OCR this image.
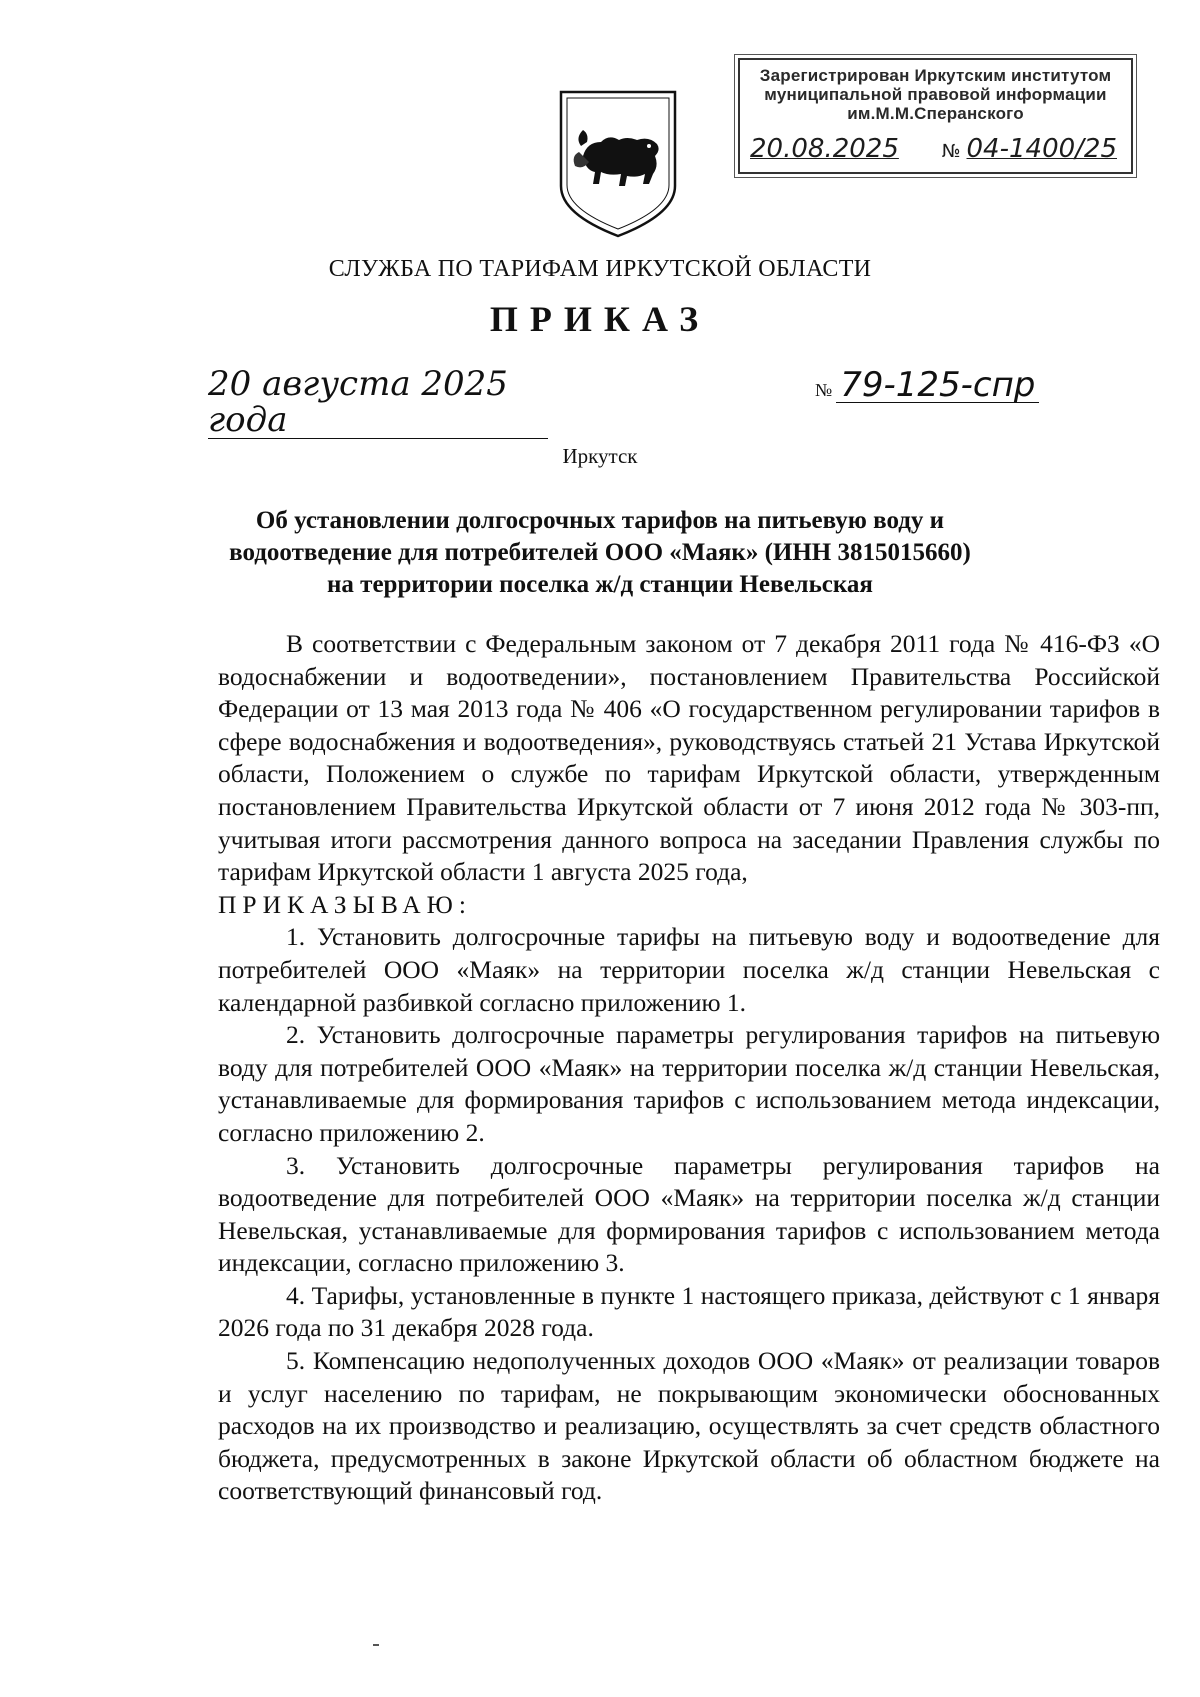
Зарегистрирован Иркутским институтом
муниципальной правовой информации
им.М.М.Сперанского
20.08.2025	№ 04-1400/25
СЛУЖБА ПО ТАРИФАМ ИРКУТСКОЙ ОБЛАСТИ
ПРИКАЗ
20 августа 2025 года
№ 79-125-спр
Иркутск
Об установлении долгосрочных тарифов на питьевую воду и
водоотведение для потребителей ООО «Маяк» (ИНН 3815015660)
на территории поселка ж/д станции Невельская

В соответствии с Федеральным законом от 7 декабря 2011 года № 416-ФЗ «О водоснабжении и водоотведении», постановлением Правительства Российской Федерации от 13 мая 2013 года № 406 «О государственном регулировании тарифов в сфере водоснабжения и водоотведения», руководствуясь статьей 21 Устава Иркутской области, Положением о службе по тарифам Иркутской области, утвержденным постановлением Правительства Иркутской области от 7 июня 2012 года № 303-пп, учитывая итоги рассмотрения данного вопроса на заседании Правления службы по тарифам Иркутской области 1 августа 2025 года,

ПРИКАЗЫВАЮ:

1. Установить долгосрочные тарифы на питьевую воду и водоотведение для потребителей ООО «Маяк» на территории поселка ж/д станции Невельская с календарной разбивкой согласно приложению 1.

2. Установить долгосрочные параметры регулирования тарифов на питьевую воду для потребителей ООО «Маяк» на территории поселка ж/д станции Невельская, устанавливаемые для формирования тарифов с использованием метода индексации, согласно приложению 2.

3. Установить долгосрочные параметры регулирования тарифов на водоотведение для потребителей ООО «Маяк» на территории поселка ж/д станции Невельская, устанавливаемые для формирования тарифов с использованием метода индексации, согласно приложению 3.

4. Тарифы, установленные в пункте 1 настоящего приказа, действуют с 1 января 2026 года по 31 декабря 2028 года.

5. Компенсацию недополученных доходов ООО «Маяк» от реализации товаров и услуг населению по тарифам, не покрывающим экономически обоснованных расходов на их производство и реализацию, осуществлять за счет средств областного бюджета, предусмотренных в законе Иркутской области об областном бюджете на соответствующий финансовый год.
